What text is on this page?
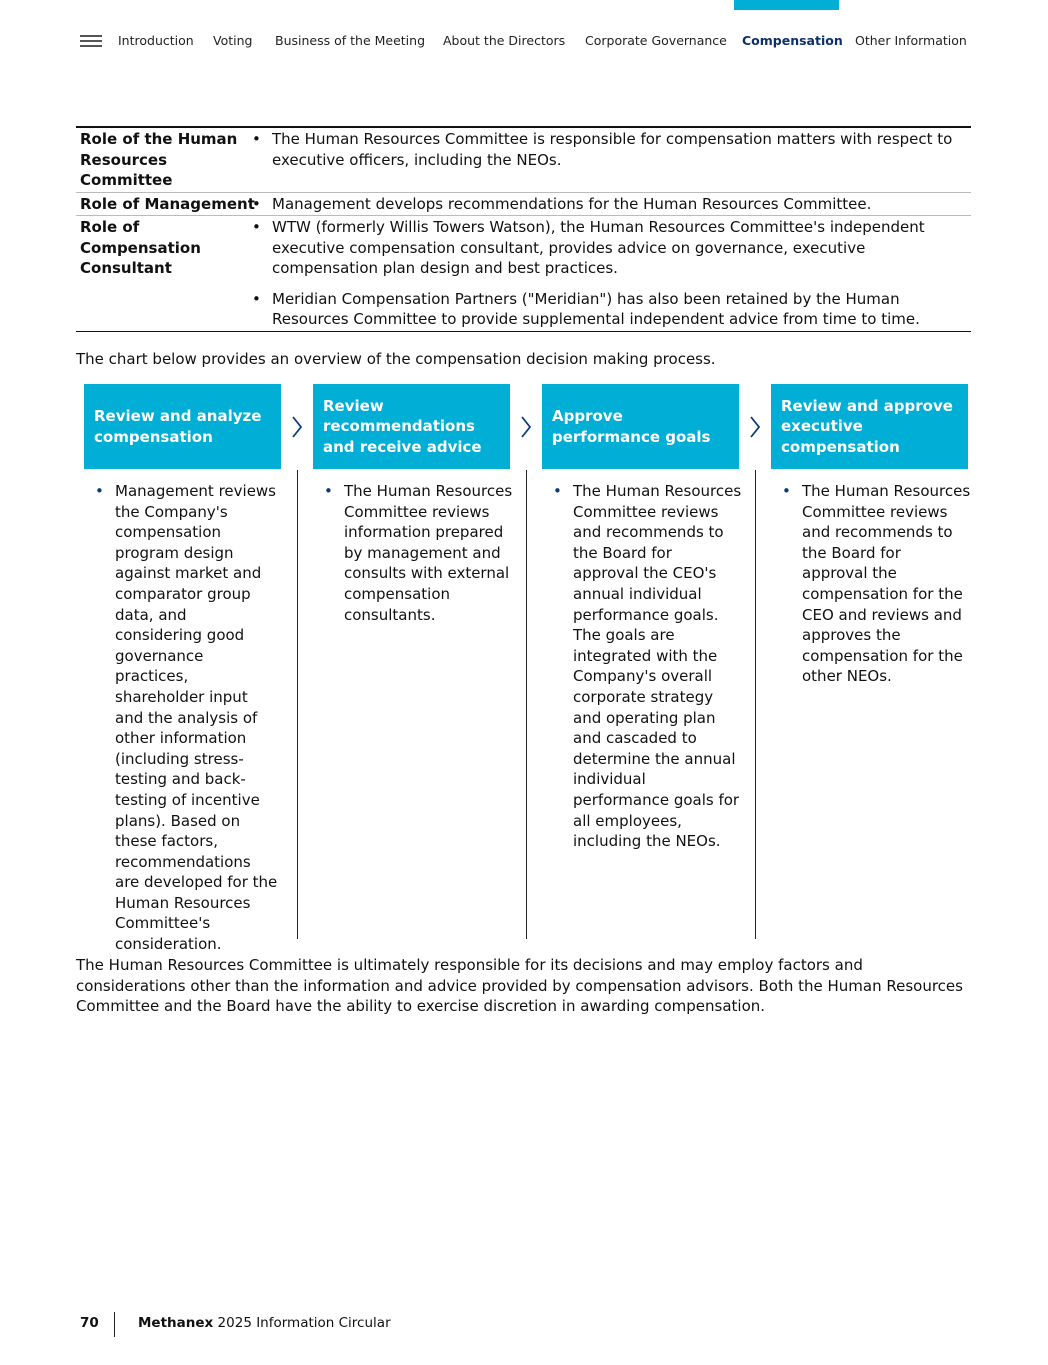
Introduction Voting Business of the Meeting About the Directors Corporate Governance Compensation Other Information
Role of the Human Resources Committee
• The Human Resources Committee is responsible for compensation matters with respect to executive officers, including the NEOs.
Role of Management
•	Management develops recommendations for the Human Resources Committee.
Role of Compensation Consultant
• WTW (formerly Willis Towers Watson), the Human Resources Committee's independent executive compensation consultant, provides advice on governance, executive compensation plan design and best practices.
• Meridian Compensation Partners ("Meridian") has also been retained by the Human Resources Committee to provide supplemental independent advice from time to time.
The chart below provides an overview of the compensation decision making process.
Review and analyze compensation
Review recommendations and receive advice
Approve performance goals
Review and approve executive compensation
• Management reviews the Company's compensation program design against market and comparator group data, and considering good governance practices, shareholder input and the analysis of other information (including stress-testing and back-testing of incentive plans). Based on these factors, recommendations are developed for the Human Resources Committee's consideration.
• The Human Resources Committee reviews information prepared by management and consults with external compensation consultants.
• The Human Resources Committee reviews and recommends to the Board for approval the CEO's annual individual performance goals. The goals are integrated with the Company's overall corporate strategy and operating plan and cascaded to determine the annual individual performance goals for all employees, including the NEOs.
• The Human Resources Committee reviews and recommends to the Board for approval the compensation for the CEO and reviews and approves the compensation for the other NEOs.
The Human Resources Committee is ultimately responsible for its decisions and may employ factors and considerations other than the information and advice provided by compensation advisors. Both the Human Resources Committee and the Board have the ability to exercise discretion in awarding compensation.
70	Methanex 2025 Information Circular
